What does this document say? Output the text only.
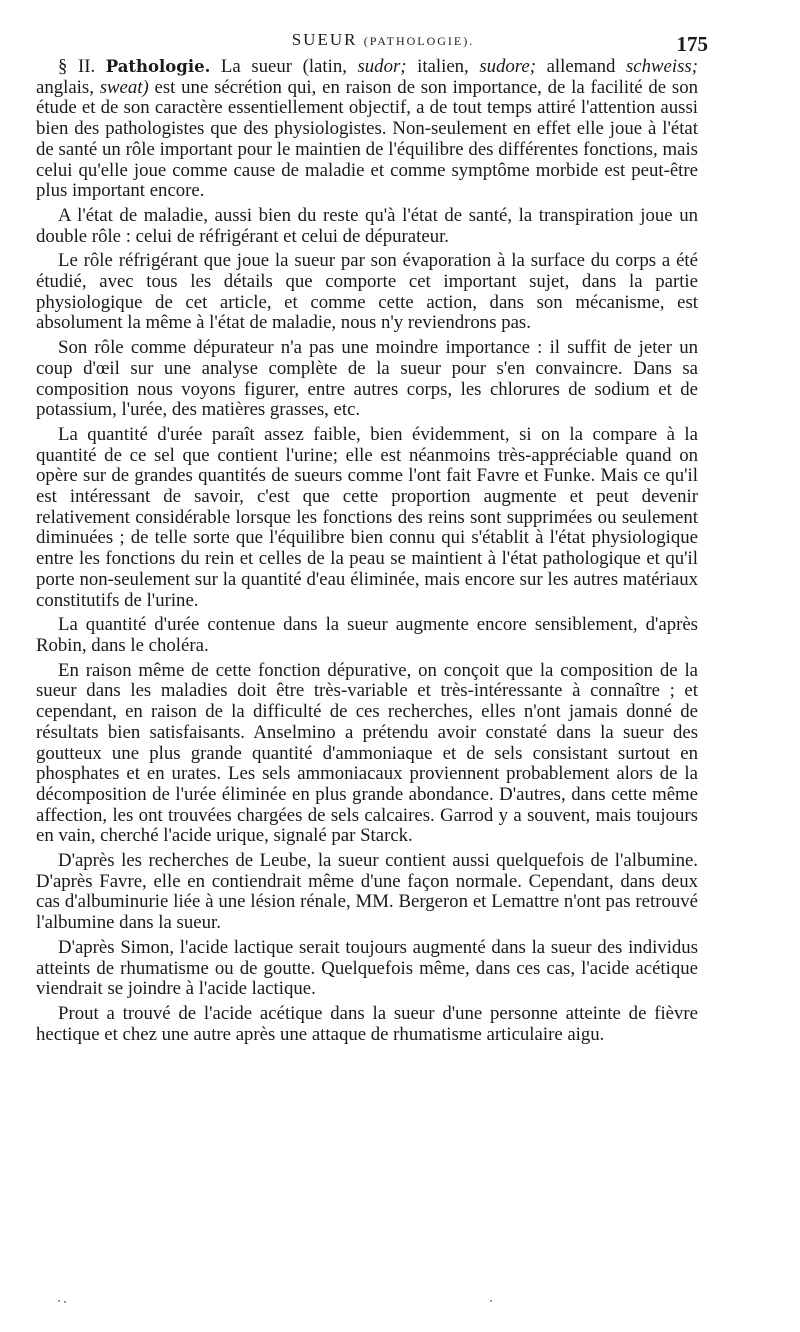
SUEUR (PATHOLOGIE).	175

§ II. Pathologie. La sueur (latin, sudor; italien, sudore; allemand schweiss; anglais, sweat) est une sécrétion qui, en raison de son importance, de la facilité de son étude et de son caractère essentiellement objectif, a de tout temps attiré l'attention aussi bien des pathologistes que des physiologistes. Non-seulement en effet elle joue à l'état de santé un rôle important pour le maintien de l'équilibre des différentes fonctions, mais celui qu'elle joue comme cause de maladie et comme symptôme morbide est peut-être plus important encore.

A l'état de maladie, aussi bien du reste qu'à l'état de santé, la transpiration joue un double rôle : celui de réfrigérant et celui de dépurateur.

Le rôle réfrigérant que joue la sueur par son évaporation à la surface du corps a été étudié, avec tous les détails que comporte cet important sujet, dans la partie physiologique de cet article, et comme cette action, dans son mécanisme, est absolument la même à l'état de maladie, nous n'y reviendrons pas.

Son rôle comme dépurateur n'a pas une moindre importance : il suffit de jeter un coup d'œil sur une analyse complète de la sueur pour s'en convaincre. Dans sa composition nous voyons figurer, entre autres corps, les chlorures de sodium et de potassium, l'urée, des matières grasses, etc.

La quantité d'urée paraît assez faible, bien évidemment, si on la compare à la quantité de ce sel que contient l'urine; elle est néanmoins très-appréciable quand on opère sur de grandes quantités de sueurs comme l'ont fait Favre et Funke. Mais ce qu'il est intéressant de savoir, c'est que cette proportion augmente et peut devenir relativement considérable lorsque les fonctions des reins sont supprimées ou seulement diminuées ; de telle sorte que l'équilibre bien connu qui s'établit à l'état physiologique entre les fonctions du rein et celles de la peau se maintient à l'état pathologique et qu'il porte non-seulement sur la quantité d'eau éliminée, mais encore sur les autres matériaux constitutifs de l'urine.

La quantité d'urée contenue dans la sueur augmente encore sensiblement, d'après Robin, dans le choléra.

En raison même de cette fonction dépurative, on conçoit que la composition de la sueur dans les maladies doit être très-variable et très-intéressante à connaître ; et cependant, en raison de la difficulté de ces recherches, elles n'ont jamais donné de résultats bien satisfaisants. Anselmino a prétendu avoir constaté dans la sueur des goutteux une plus grande quantité d'ammoniaque et de sels consistant surtout en phosphates et en urates. Les sels ammoniacaux proviennent probablement alors de la décomposition de l'urée éliminée en plus grande abondance. D'autres, dans cette même affection, les ont trouvées chargées de sels calcaires. Garrod y a souvent, mais toujours en vain, cherché l'acide urique, signalé par Starck.

D'après les recherches de Leube, la sueur contient aussi quelquefois de l'albumine. D'après Favre, elle en contiendrait même d'une façon normale. Cependant, dans deux cas d'albuminurie liée à une lésion rénale, MM. Bergeron et Lemattre n'ont pas retrouvé l'albumine dans la sueur.

D'après Simon, l'acide lactique serait toujours augmenté dans la sueur des individus atteints de rhumatisme ou de goutte. Quelquefois même, dans ces cas, l'acide acétique viendrait se joindre à l'acide lactique.

Prout a trouvé de l'acide acétique dans la sueur d'une personne atteinte de fièvre hectique et chez une autre après une attaque de rhumatisme articulaire aigu.
